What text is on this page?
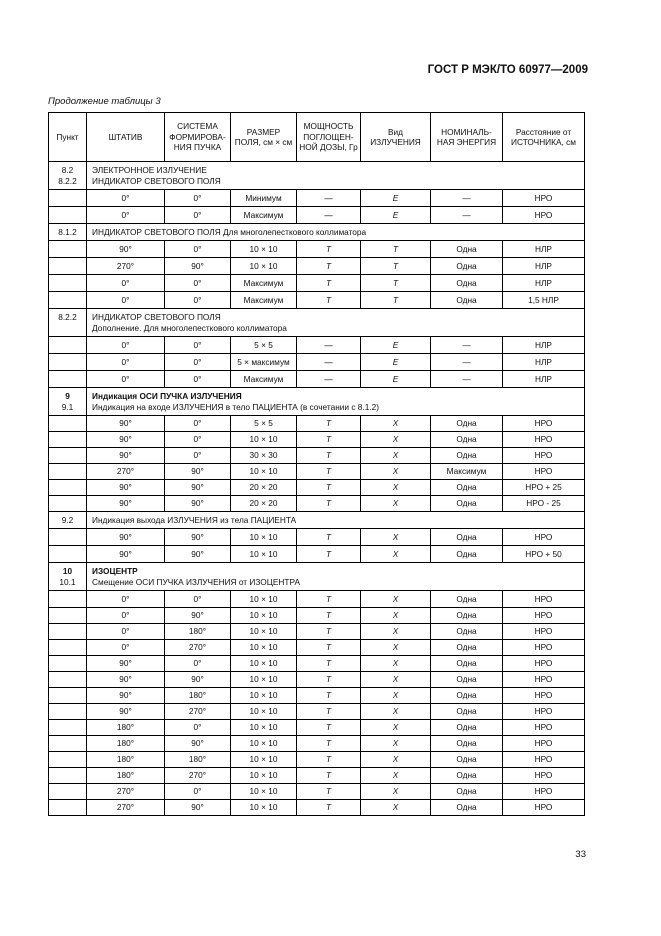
ГОСТ Р МЭК/ТО 60977—2009
Продолжение таблицы 3
Пункт	ШТАТИВ	СИСТЕМА ФОРМИРОВА-НИЯ ПУЧКА	РАЗМЕР ПОЛЯ, см × см	МОЩНОСТЬ ПОГЛОЩЕН-НОЙ ДОЗЫ, Гр	Вид ИЗЛУЧЕНИЯ	НОМИНАЛЬ-НАЯ ЭНЕРГИЯ	Расстояние от ИСТОЧНИКА, см

8.2
8.2.2	ЭЛЕКТРОННОЕ ИЗЛУЧЕНИЕ
ИНДИКАТОР СВЕТОВОГО ПОЛЯ						

	0°	0°	Минимум	—	E	—	НРО
	0°	0°	Максимум	—	E	—	НРО

8.1.2	ИНДИКАТОР СВЕТОВОГО ПОЛЯ Для многолепесткового коллиматора						

	90°	0°	10 × 10	T	T	Одна	НЛР
	270°	90°	10 × 10	T	T	Одна	НЛР
	0°	0°	Максимум	T	T	Одна	НЛР
	0°	0°	Максимум	T	T	Одна	1,5 НЛР

8.2.2	ИНДИКАТОР СВЕТОВОГО ПОЛЯ
Дополнение. Для многолепесткового коллиматора						

	0°	0°	5 × 5	—	E	—	НЛР
	0°	0°	5 × максимум	—	E	—	НЛР
	0°	0°	Максимум	—	E	—	НЛР

9
9.1	Индикация ОСИ ПУЧКА ИЗЛУЧЕНИЯ
Индикация на входе ИЗЛУЧЕНИЯ в тело ПАЦИЕНТА (в сочетании с 8.1.2)						

	90°	0°	5 × 5	T	X	Одна	НРО
	90°	0°	10 × 10	T	X	Одна	НРО
	90°	0°	30 × 30	T	X	Одна	НРО
	270°	90°	10 × 10	T	X	Максимум	НРО
	90°	90°	20 × 20	T	X	Одна	НРО + 25
	90°	90°	20 × 20	T	X	Одна	НРО - 25

9.2	Индикация выхода ИЗЛУЧЕНИЯ из тела ПАЦИЕНТА						

	90°	90°	10 × 10	T	X	Одна	НРО
	90°	90°	10 × 10	T	X	Одна	НРО + 50

10
10.1	ИЗОЦЕНТР
Смещение ОСИ ПУЧКА ИЗЛУЧЕНИЯ от ИЗОЦЕНТРА						

	0°	0°	10 × 10	T	X	Одна	НРО
	0°	90°	10 × 10	T	X	Одна	НРО
	0°	180°	10 × 10	T	X	Одна	НРО
	0°	270°	10 × 10	T	X	Одна	НРО
	90°	0°	10 × 10	T	X	Одна	НРО
	90°	90°	10 × 10	T	X	Одна	НРО
	90°	180°	10 × 10	T	X	Одна	НРО
	90°	270°	10 × 10	T	X	Одна	НРО
	180°	0°	10 × 10	T	X	Одна	НРО
	180°	90°	10 × 10	T	X	Одна	НРО
	180°	180°	10 × 10	T	X	Одна	НРО
	180°	270°	10 × 10	T	X	Одна	НРО
	270°	0°	10 × 10	T	X	Одна	НРО
	270°	90°	10 × 10	T	X	Одна	НРО
33
